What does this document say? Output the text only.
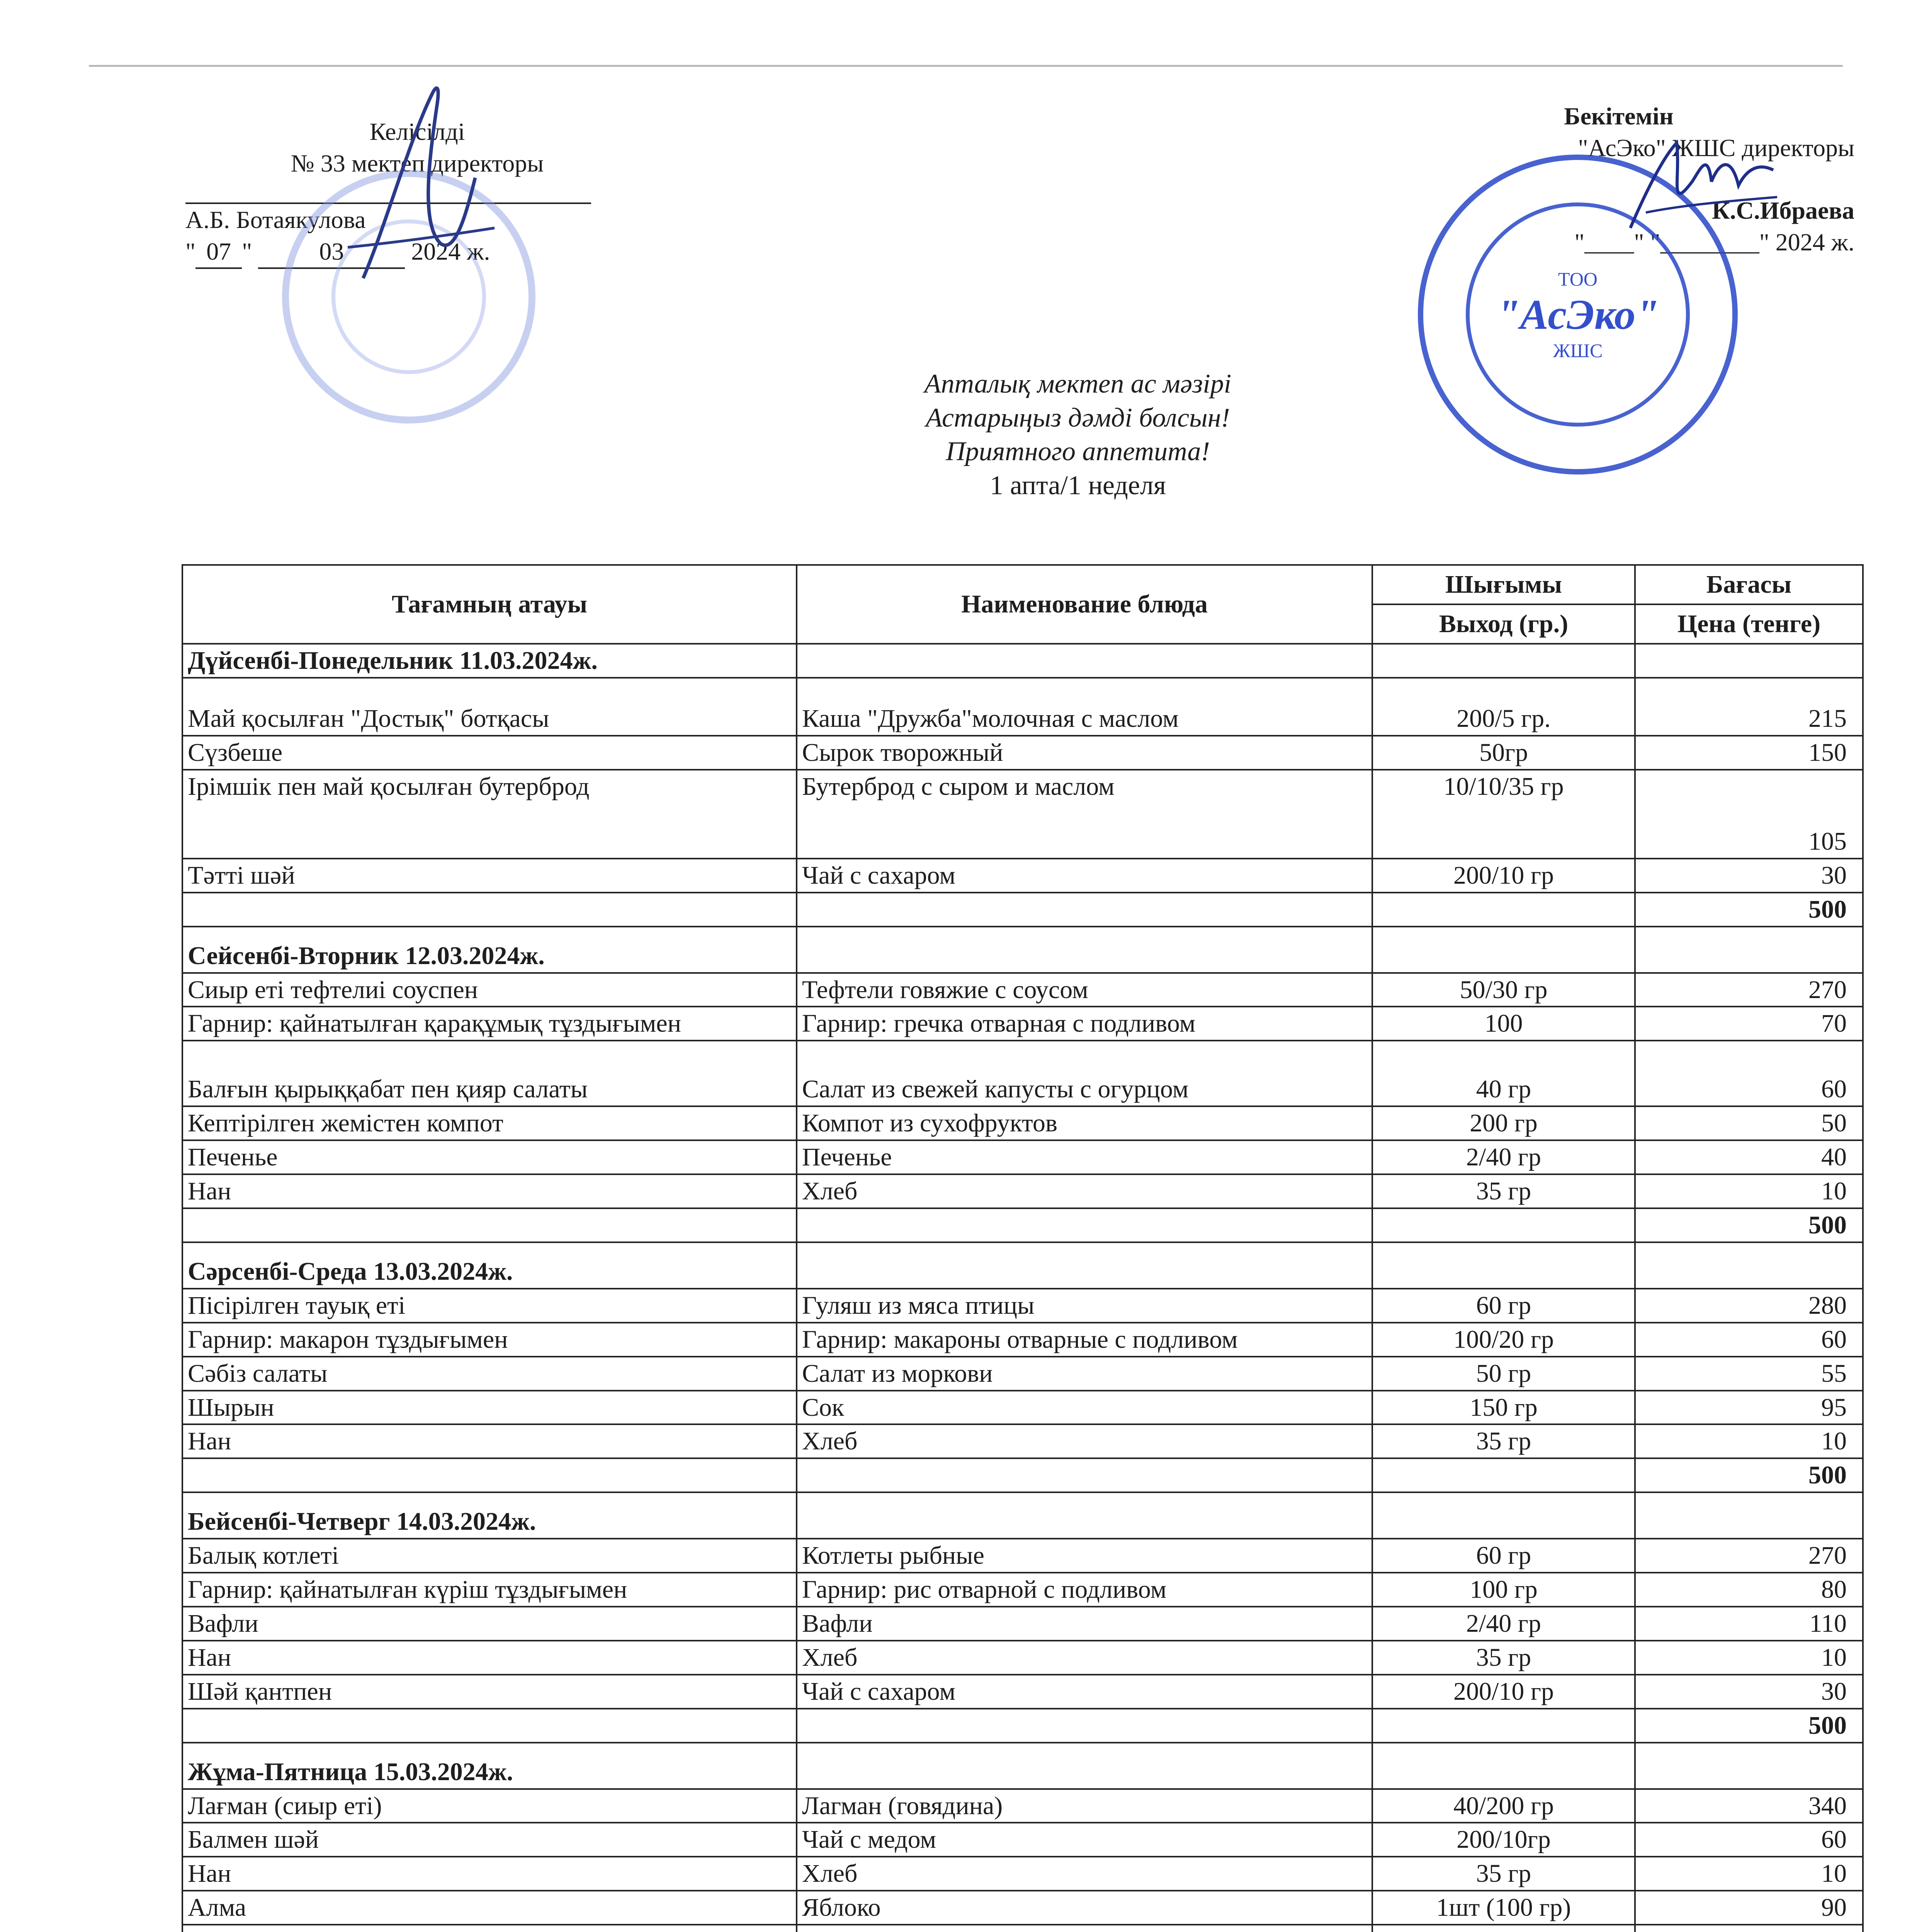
Келісілді
№ 33 мектеп директоры
А.Б. Ботаякулова
" 07 " 03	2024 ж.
Бекітемін
"АсЭко" ЖШС директоры
К.С.Ибраева
"____" "________" 2024 ж.
ТОО
"АсЭко"
ЖШС
Апталық мектеп ас мәзірі
Астарыңыз дәмді болсын!
Приятного аппетита!
1 апта/1 неделя
Тағамның атауы	Наименование блюда	Шығымы	Бағасы
		Выход (гр.)	Цена (тенге)
Дүйсенбі-Понедельник 11.03.2024ж.			
Май қосылған "Достық" ботқасы	Каша "Дружба"молочная с маслом	200/5 гр.	215
Сүзбеше	Сырок творожный	50гр	150
Ірімшік пен май қосылған бутерброд	Бутерброд с сыром и маслом	10/10/35 гр	105
Тәтті шәй	Чай с сахаром	200/10 гр	30
			500
Сейсенбі-Вторник 12.03.2024ж.			
Сиыр еті тефтелиі соуспен	Тефтели говяжие с соусом	50/30 гр	270
Гарнир: қайнатылған қарақұмық тұздығымен	Гарнир: гречка отварная с подливом	100	70
Балғын қырыққабат пен қияр салаты	Салат из свежей капусты с огурцом	40 гр	60
Кептірілген жемістен компот	Компот из сухофруктов	200 гр	50
Печенье	Печенье	2/40 гр	40
Нан	Хлеб	35 гр	10
			500
Сәрсенбі-Среда 13.03.2024ж.			
Пісірілген тауық еті	Гуляш из мяса птицы	60 гр	280
Гарнир: макарон тұздығымен	Гарнир: макароны отварные с подливом	100/20 гр	60
Сәбіз салаты	Салат из моркови	50 гр	55
Шырын	Сок	150 гр	95
Нан	Хлеб	35 гр	10
			500
Бейсенбі-Четверг 14.03.2024ж.			
Балық котлеті	Котлеты рыбные	60 гр	270
Гарнир: қайнатылған күріш тұздығымен	Гарнир: рис отварной с подливом	100 гр	80
Вафли	Вафли	2/40 гр	110
Нан	Хлеб	35 гр	10
Шәй қантпен	Чай с сахаром	200/10 гр	30
			500
Жұма-Пятница 15.03.2024ж.			
Лағман (сиыр еті)	Лагман (говядина)	40/200 гр	340
Балмен шәй	Чай с медом	200/10гр	60
Нан	Хлеб	35 гр	10
Алма	Яблоко	1шт (100 гр)	90
